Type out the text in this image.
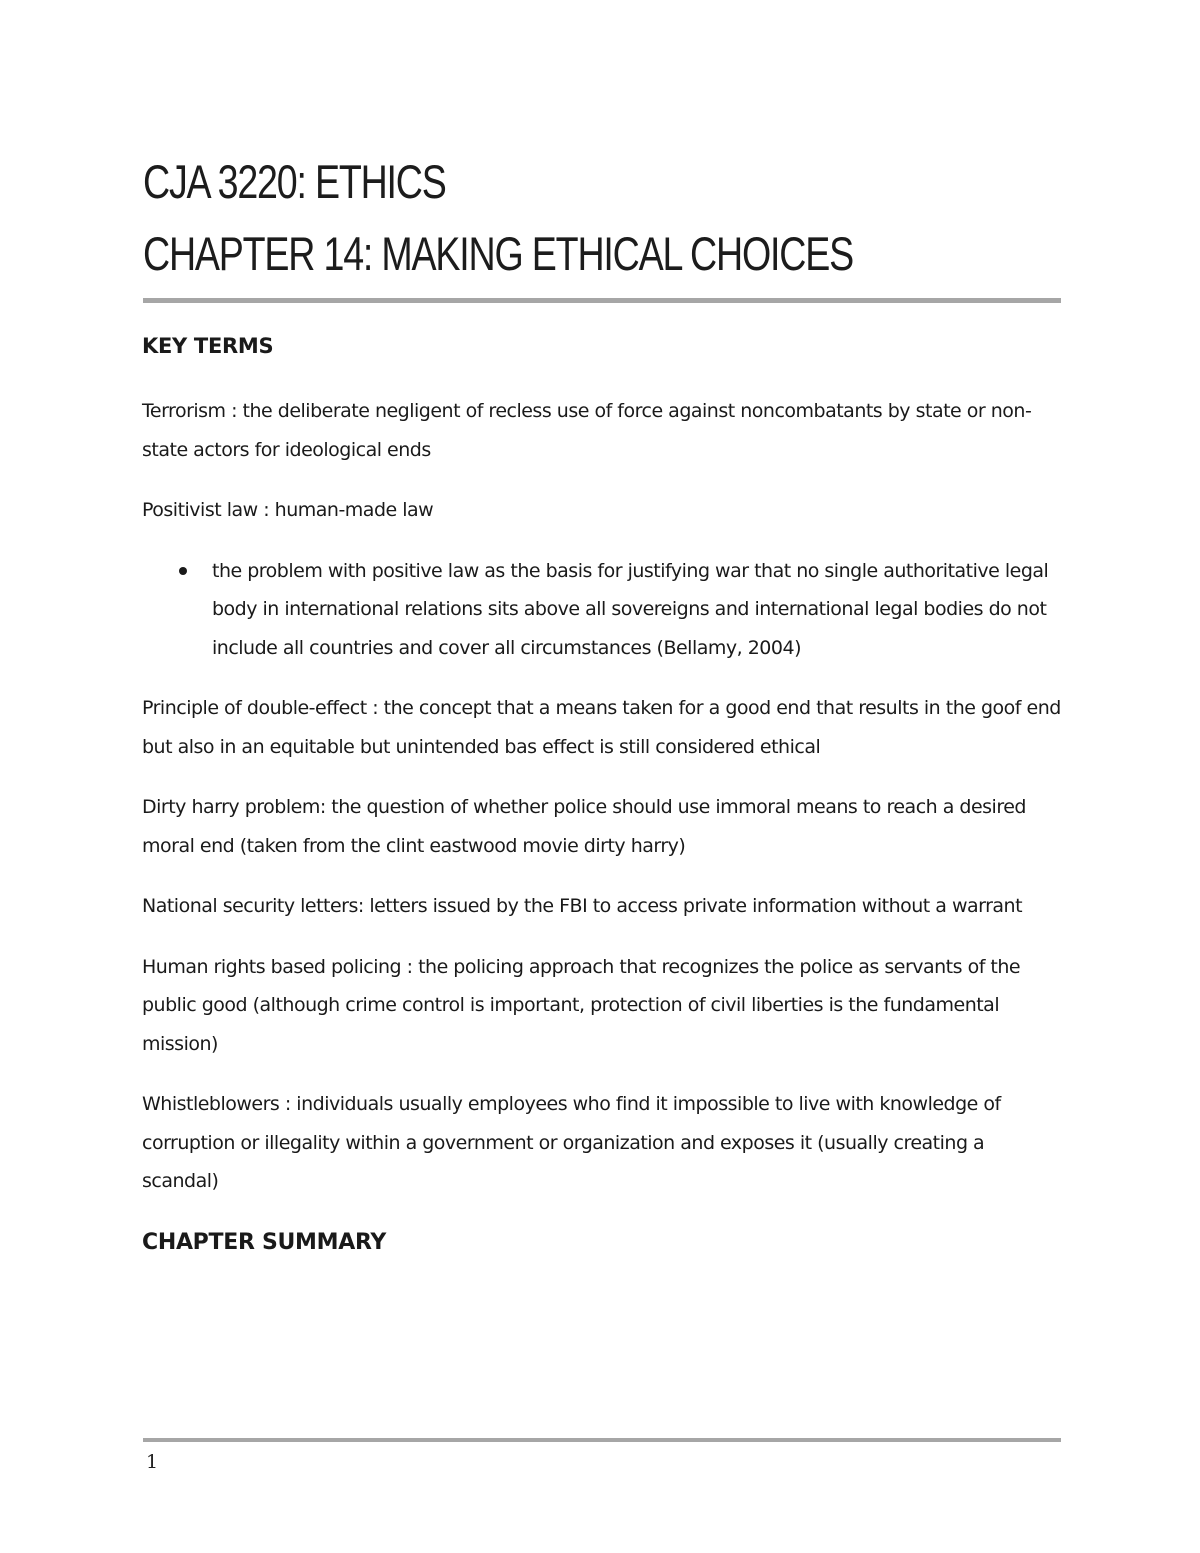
CJA 3220: ETHICS
CHAPTER 14: MAKING ETHICAL CHOICES
KEY TERMS

Terrorism : the deliberate negligent of recless use of force against noncombatants by state or non-state actors for ideological ends

Positivist law : human-made law

the problem with positive law as the basis for justifying war that no single authoritative legal body in international relations sits above all sovereigns and international legal bodies do not include all countries and cover all circumstances (Bellamy, 2004)

Principle of double-effect : the concept that a means taken for a good end that results in the goof end but also in an equitable but unintended bas effect is still considered ethical

Dirty harry problem: the question of whether police should use immoral means to reach a desired moral end (taken from the clint eastwood movie dirty harry)

National security letters: letters issued by the FBI to access private information without a warrant

Human rights based policing : the policing approach that recognizes the police as servants of the public good (although crime control is important, protection of civil liberties is the fundamental mission)

Whistleblowers : individuals usually employees who find it impossible to live with knowledge of corruption or illegality within a government or organization and exposes it (usually creating a scandal)

CHAPTER SUMMARY
1
